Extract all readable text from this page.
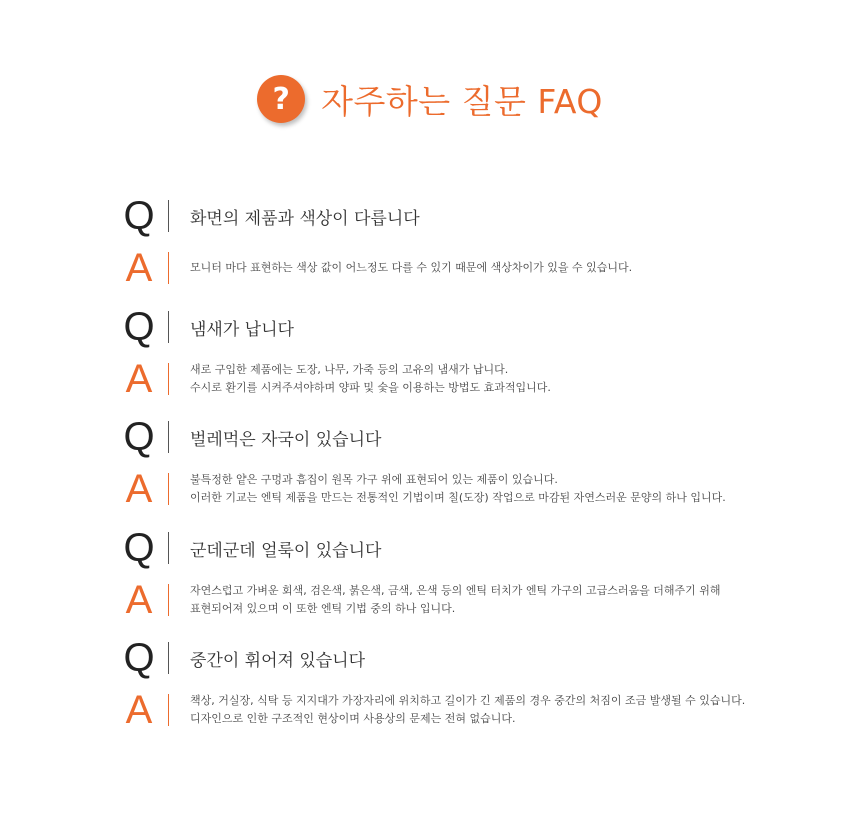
? 자주하는 질문 FAQ
Q 화면의 제품과 색상이 다릅니다
A	모니터 마다 표현하는 색상 값이 어느정도 다를 수 있기 때문에 색상차이가 있을 수 있습니다.
Q 냄새가 납니다
A	새로 구입한 제품에는 도장, 나무, 가죽 등의 고유의 냄새가 납니다.
수시로 환기를 시켜주셔야하며 양파 및 숯을 이용하는 방법도 효과적입니다.
Q 벌레먹은 자국이 있습니다
A	불특정한 얕은 구멍과 흠집이 원목 가구 위에 표현되어 있는 제품이 있습니다.
이러한 기교는 엔틱 제품을 만드는 전통적인 기법이며 칠(도장) 작업으로 마감된 자연스러운 문양의 하나 입니다.
Q 군데군데 얼룩이 있습니다
A	자연스럽고 가벼운 회색, 검은색, 붉은색, 금색, 은색 등의 엔틱 터치가 엔틱 가구의 고급스러움을 더해주기 위해
표현되어져 있으며 이 또한 엔틱 기법 중의 하나 입니다.
Q 중간이 휘어져 있습니다
A	책상, 거실장, 식탁 등 지지대가 가장자리에 위치하고 길이가 긴 제품의 경우 중간의 처짐이 조금 발생될 수 있습니다.
디자인으로 인한 구조적인 현상이며 사용상의 문제는 전혀 없습니다.
